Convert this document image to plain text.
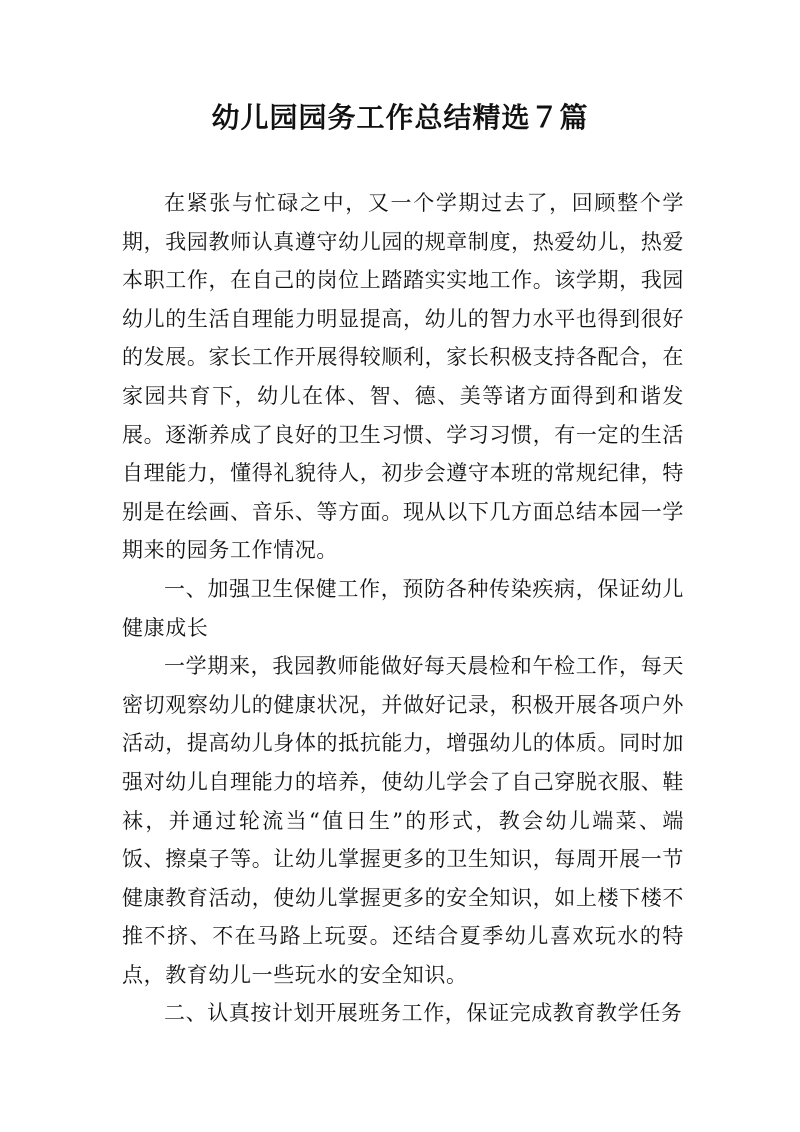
幼儿园园务工作总结精选７篇

在紧张与忙碌之中，又一个学期过去了，回顾整个学期，我园教师认真遵守幼儿园的规章制度，热爱幼儿，热爱本职工作，在自己的岗位上踏踏实实地工作。该学期，我园幼儿的生活自理能力明显提高，幼儿的智力水平也得到很好的发展。家长工作开展得较顺利，家长积极支持各配合，在家园共育下，幼儿在体、智、德、美等诸方面得到和谐发展。逐渐养成了良好的卫生习惯、学习习惯，有一定的生活自理能力，懂得礼貌待人，初步会遵守本班的常规纪律，特别是在绘画、音乐、等方面。现从以下几方面总结本园一学期来的园务工作情况。

一、加强卫生保健工作，预防各种传染疾病，保证幼儿健康成长

一学期来，我园教师能做好每天晨检和午检工作，每天密切观察幼儿的健康状况，并做好记录，积极开展各项户外活动，提高幼儿身体的抵抗能力，增强幼儿的体质。同时加强对幼儿自理能力的培养，使幼儿学会了自己穿脱衣服、鞋袜，并通过轮流当“值日生”的形式，教会幼儿端菜、端饭、擦桌子等。让幼儿掌握更多的卫生知识，每周开展一节健康教育活动，使幼儿掌握更多的安全知识，如上楼下楼不推不挤、不在马路上玩耍。还结合夏季幼儿喜欢玩水的特点，教育幼儿一些玩水的安全知识。

二、认真按计划开展班务工作，保证完成教育教学任务
